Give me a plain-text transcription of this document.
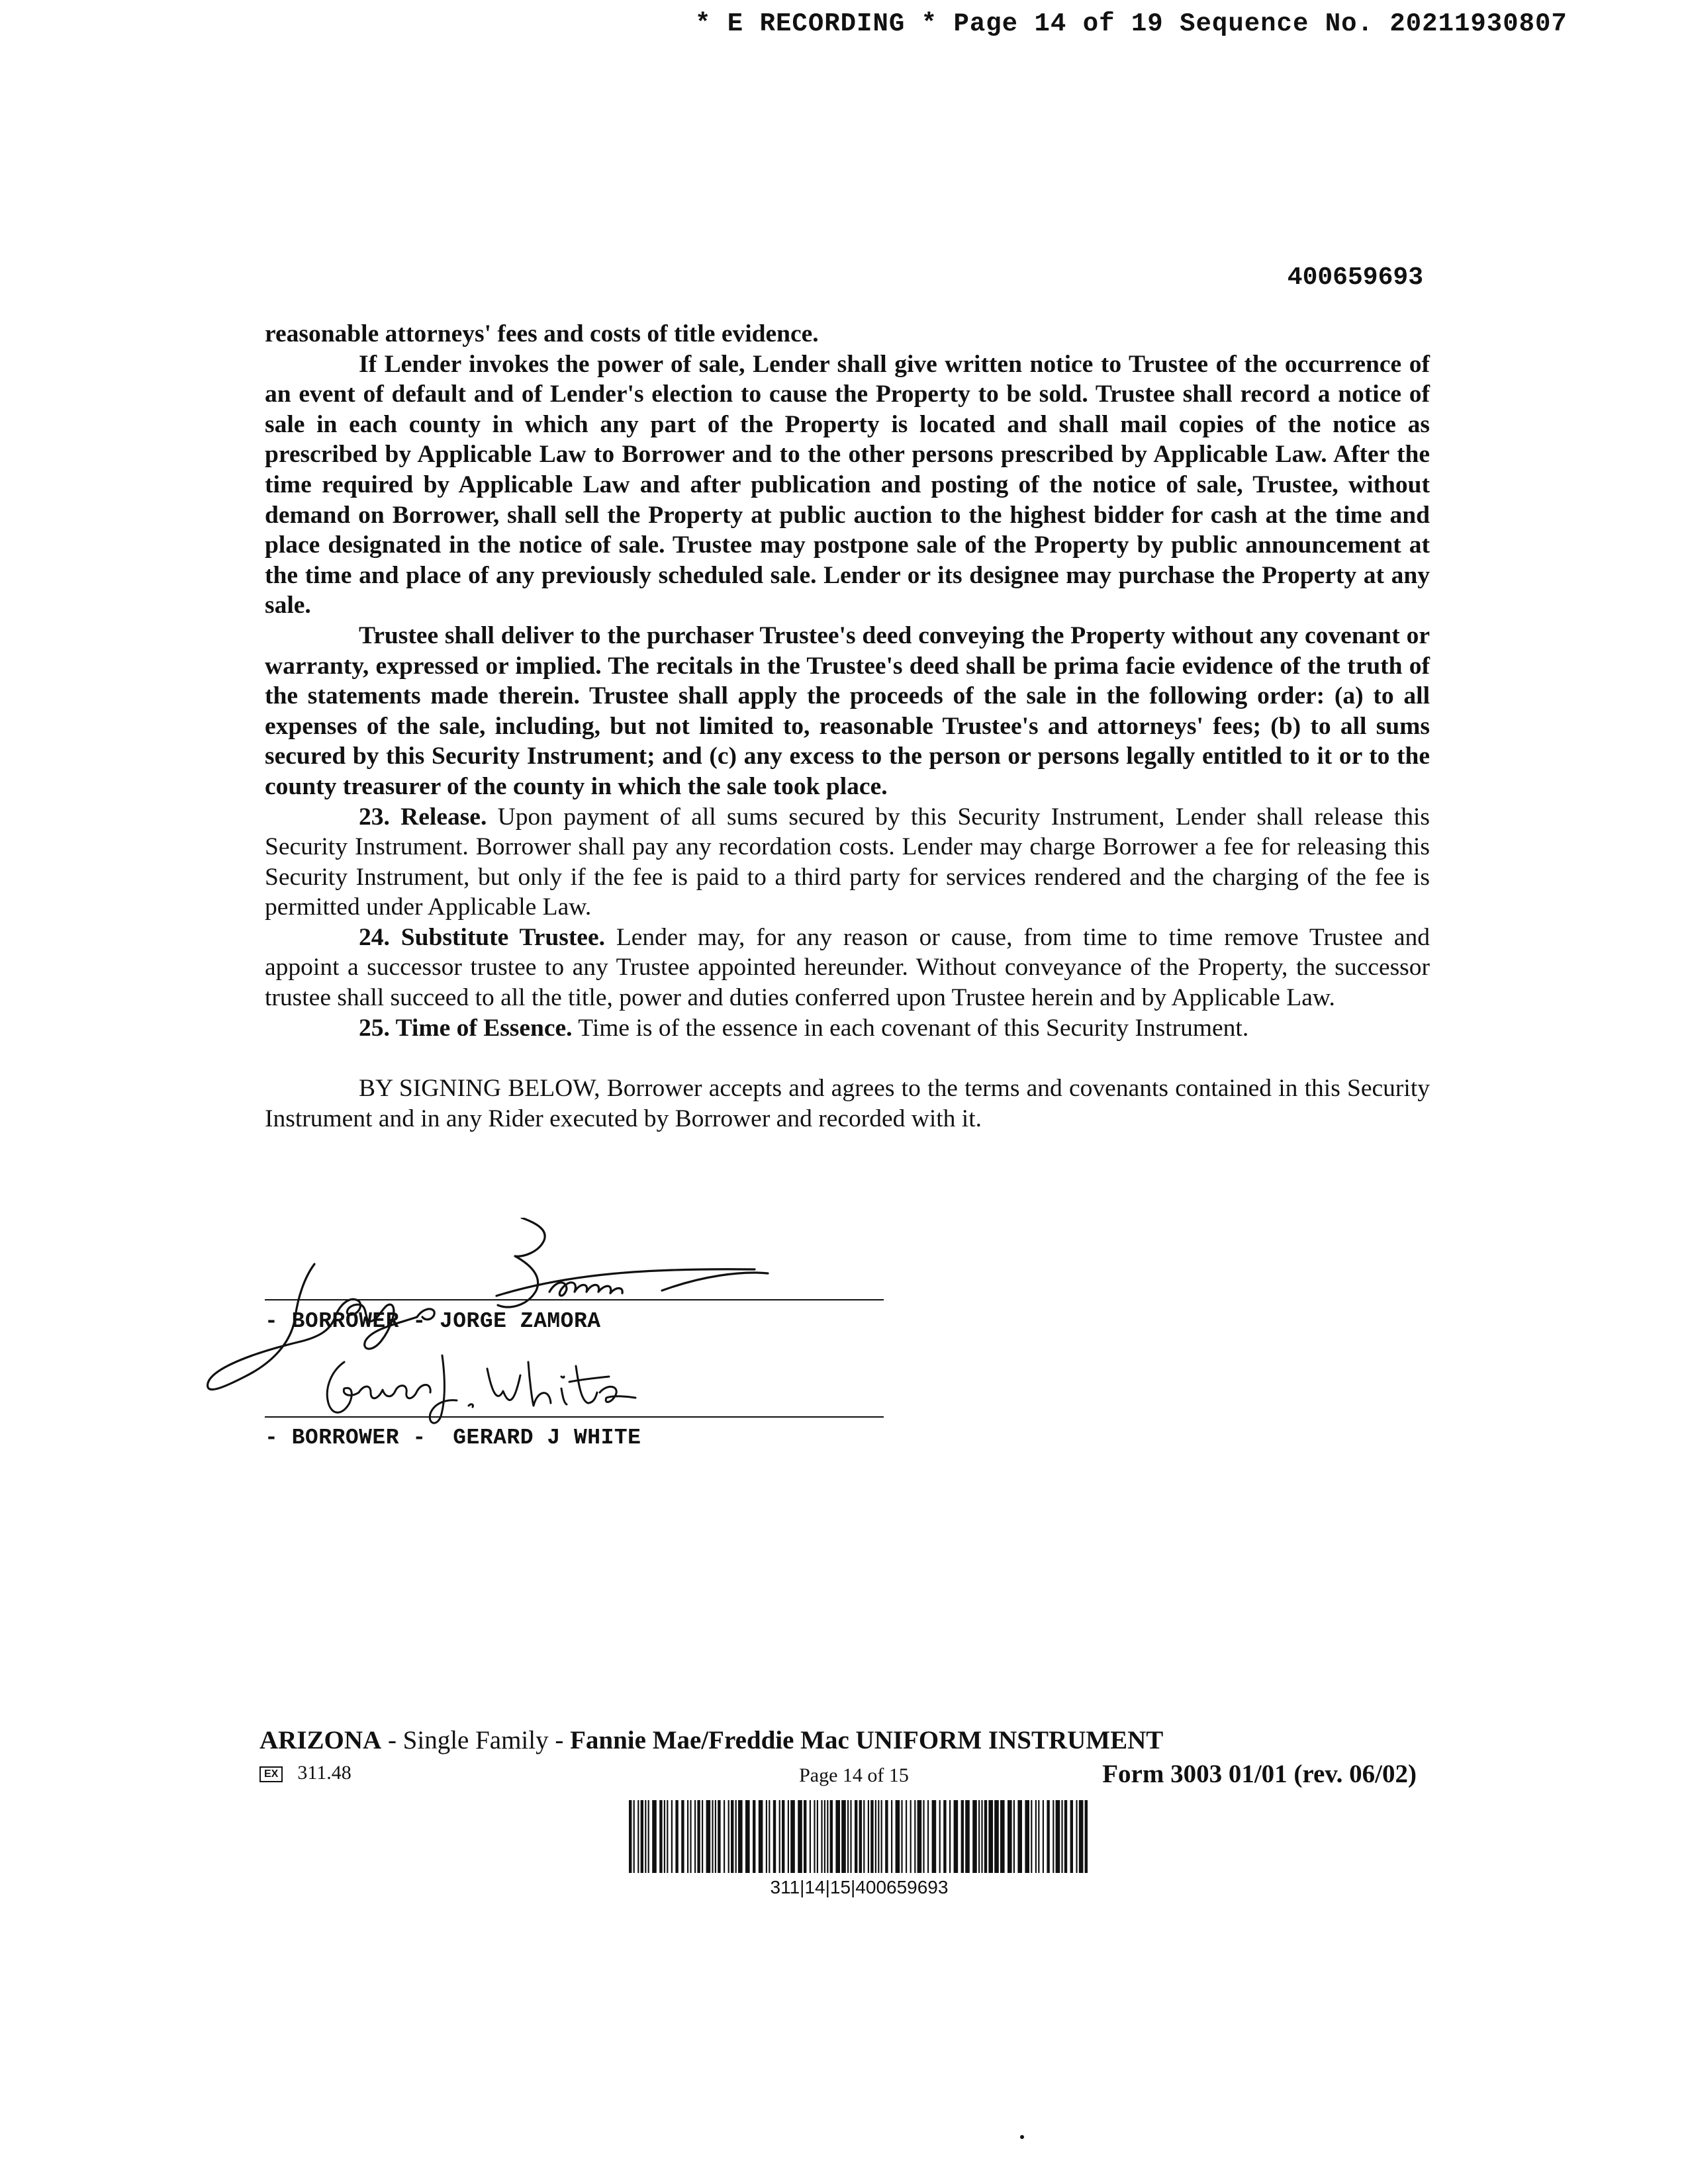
* E RECORDING * Page 14 of 19 Sequence No. 20211930807
400659693

reasonable attorneys' fees and costs of title evidence.

If Lender invokes the power of sale, Lender shall give written notice to Trustee of the occurrence of an event of default and of Lender's election to cause the Property to be sold. Trustee shall record a notice of sale in each county in which any part of the Property is located and shall mail copies of the notice as prescribed by Applicable Law to Borrower and to the other persons prescribed by Applicable Law. After the time required by Applicable Law and after publication and posting of the notice of sale, Trustee, without demand on Borrower, shall sell the Property at public auction to the highest bidder for cash at the time and place designated in the notice of sale. Trustee may postpone sale of the Property by public announcement at the time and place of any previously scheduled sale. Lender or its designee may purchase the Property at any sale.

Trustee shall deliver to the purchaser Trustee's deed conveying the Property without any covenant or warranty, expressed or implied. The recitals in the Trustee's deed shall be prima facie evidence of the truth of the statements made therein. Trustee shall apply the proceeds of the sale in the following order: (a) to all expenses of the sale, including, but not limited to, reasonable Trustee's and attorneys' fees; (b) to all sums secured by this Security Instrument; and (c) any excess to the person or persons legally entitled to it or to the county treasurer of the county in which the sale took place.

23. Release. Upon payment of all sums secured by this Security Instrument, Lender shall release this Security Instrument. Borrower shall pay any recordation costs. Lender may charge Borrower a fee for releasing this Security Instrument, but only if the fee is paid to a third party for services rendered and the charging of the fee is permitted under Applicable Law.

24. Substitute Trustee. Lender may, for any reason or cause, from time to time remove Trustee and appoint a successor trustee to any Trustee appointed hereunder. Without conveyance of the Property, the successor trustee shall succeed to all the title, power and duties conferred upon Trustee herein and by Applicable Law.

25. Time of Essence. Time is of the essence in each covenant of this Security Instrument.

BY SIGNING BELOW, Borrower accepts and agrees to the terms and covenants contained in this Security Instrument and in any Rider executed by Borrower and recorded with it.

- BORROWER - JORGE ZAMORA
- BORROWER -  GERARD J WHITE
ARIZONA - Single Family - Fannie Mae/Freddie Mac UNIFORM INSTRUMENT
EX 311.48	Page 14 of 15	Form 3003 01/01 (rev. 06/02)
311|14|15|400659693
